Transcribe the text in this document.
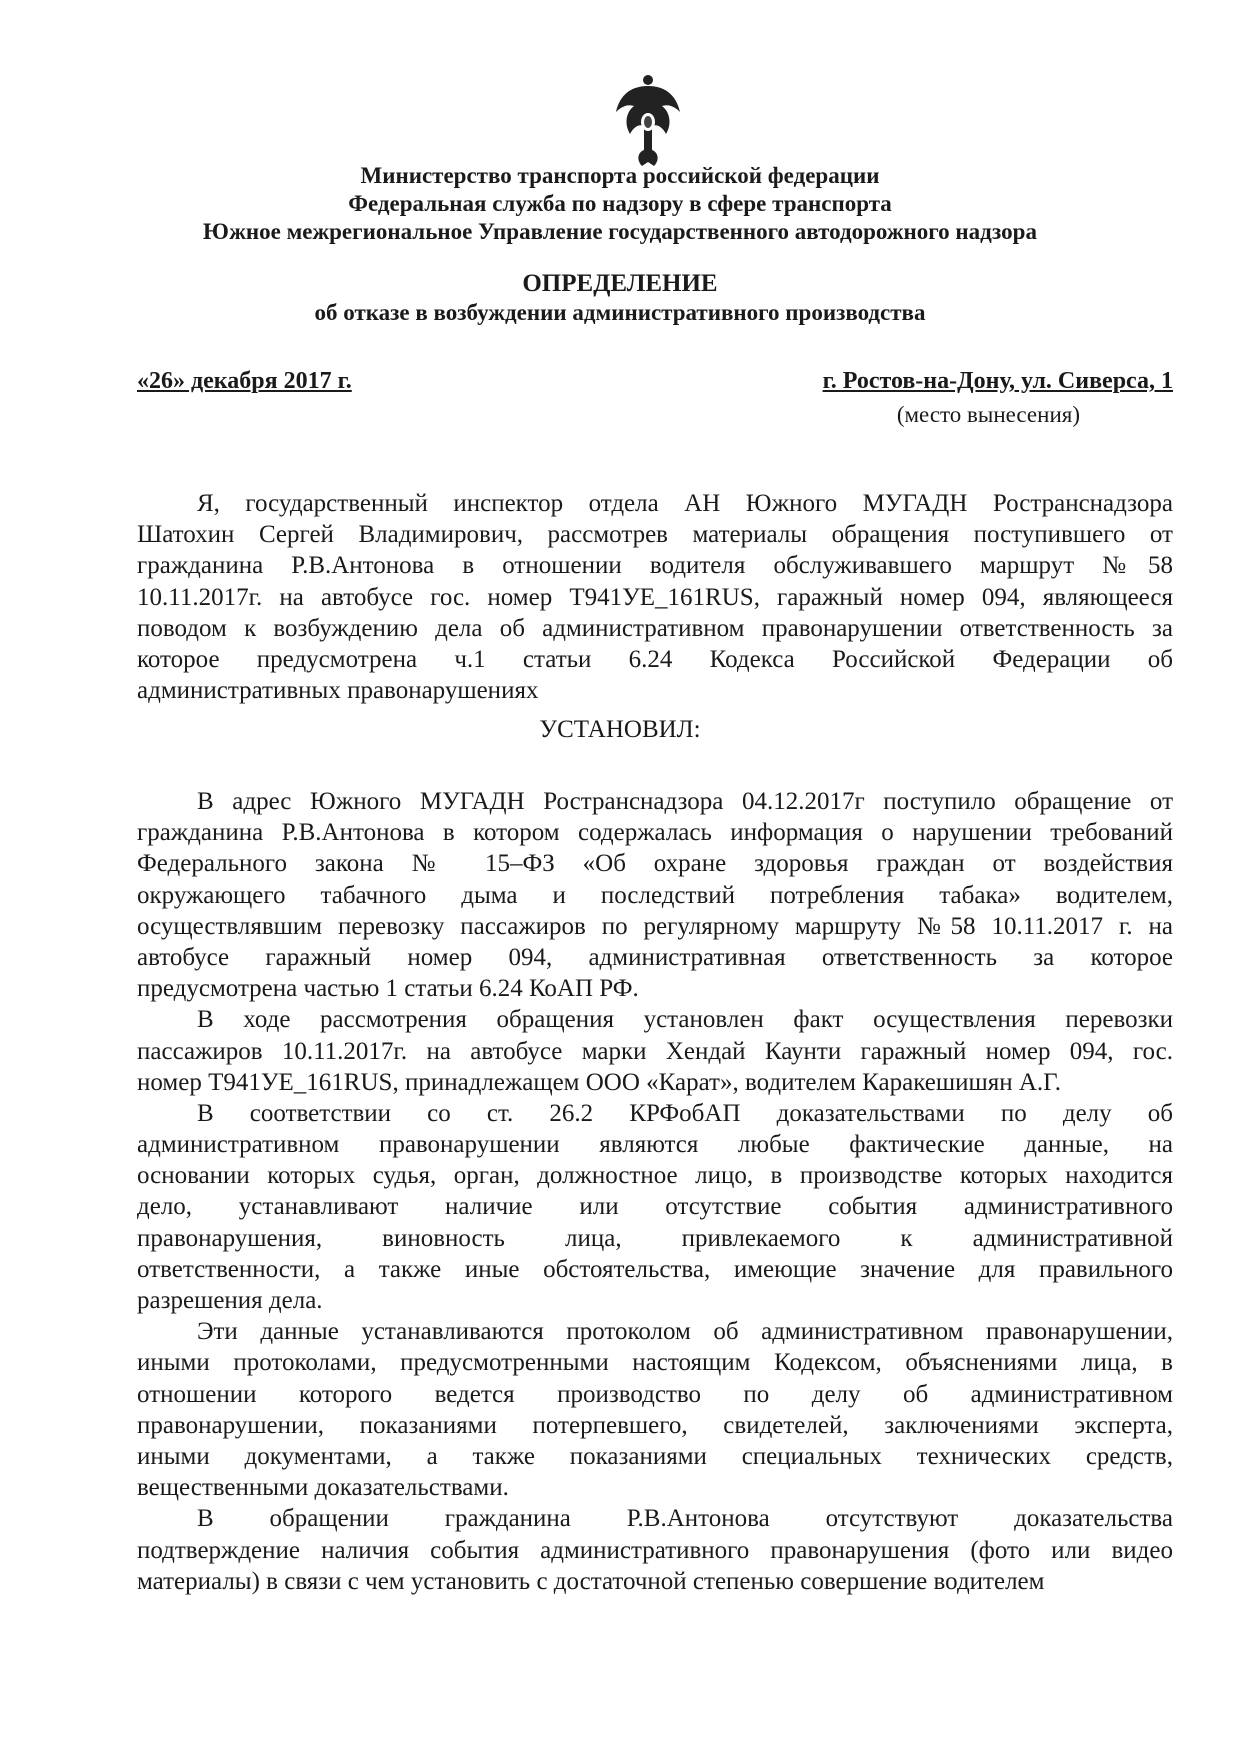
Министерство транспорта российской федерации
Федеральная служба по надзору в сфере транспорта
Южное межрегиональное Управление государственного автодорожного надзора
ОПРЕДЕЛЕНИЕ
об отказе в возбуждении административного производства
«26» декабря 2017 г.	г. Ростов-на-Дону, ул. Сиверса, 1
(место вынесения)
Я, государственный инспектор отдела АН Южного МУГАДН Ространснадзора
Шатохин Сергей Владимирович, рассмотрев материалы обращения поступившего от
гражданина Р.В.Антонова в отношении водителя обслуживавшего маршрут №58
10.11.2017г. на автобусе гос. номер Т941УЕ_161RUS, гаражный номер 094, являющееся
поводом к возбуждению дела об административном правонарушении ответственность за
которое предусмотрена ч.1 статьи 6.24 Кодекса Российской Федерации об
административных правонарушениях
УСТАНОВИЛ:
В адрес Южного МУГАДН Ространснадзора 04.12.2017г поступило обращение от
гражданина Р.В.Антонова в котором содержалась информация о нарушении требований
Федерального закона № 15–ФЗ «Об охране здоровья граждан от воздействия
окружающего табачного дыма и последствий потребления табака» водителем,
осуществлявшим перевозку пассажиров по регулярному маршруту №58 10.11.2017 г. на
автобусе гаражный номер 094, административная ответственность за которое
предусмотрена частью 1 статьи 6.24 КоАП РФ.
В ходе рассмотрения обращения установлен факт осуществления перевозки
пассажиров 10.11.2017г. на автобусе марки Хендай Каунти гаражный номер 094, гос.
номер Т941УЕ_161RUS, принадлежащем ООО «Карат», водителем Каракешишян А.Г.
В соответствии со ст. 26.2 КРФобАП доказательствами по делу об
административном правонарушении являются любые фактические данные, на
основании которых судья, орган, должностное лицо, в производстве которых находится
дело, устанавливают наличие или отсутствие события административного
правонарушения, виновность лица, привлекаемого к административной
ответственности, а также иные обстоятельства, имеющие значение для правильного
разрешения дела.
Эти данные устанавливаются протоколом об административном правонарушении,
иными протоколами, предусмотренными настоящим Кодексом, объяснениями лица, в
отношении которого ведется производство по делу об административном
правонарушении, показаниями потерпевшего, свидетелей, заключениями эксперта,
иными документами, а также показаниями специальных технических средств,
вещественными доказательствами.
В обращении гражданина Р.В.Антонова отсутствуют доказательства
подтверждение наличия события административного правонарушения (фото или видео
материалы) в связи с чем установить с достаточной степенью совершение водителем
